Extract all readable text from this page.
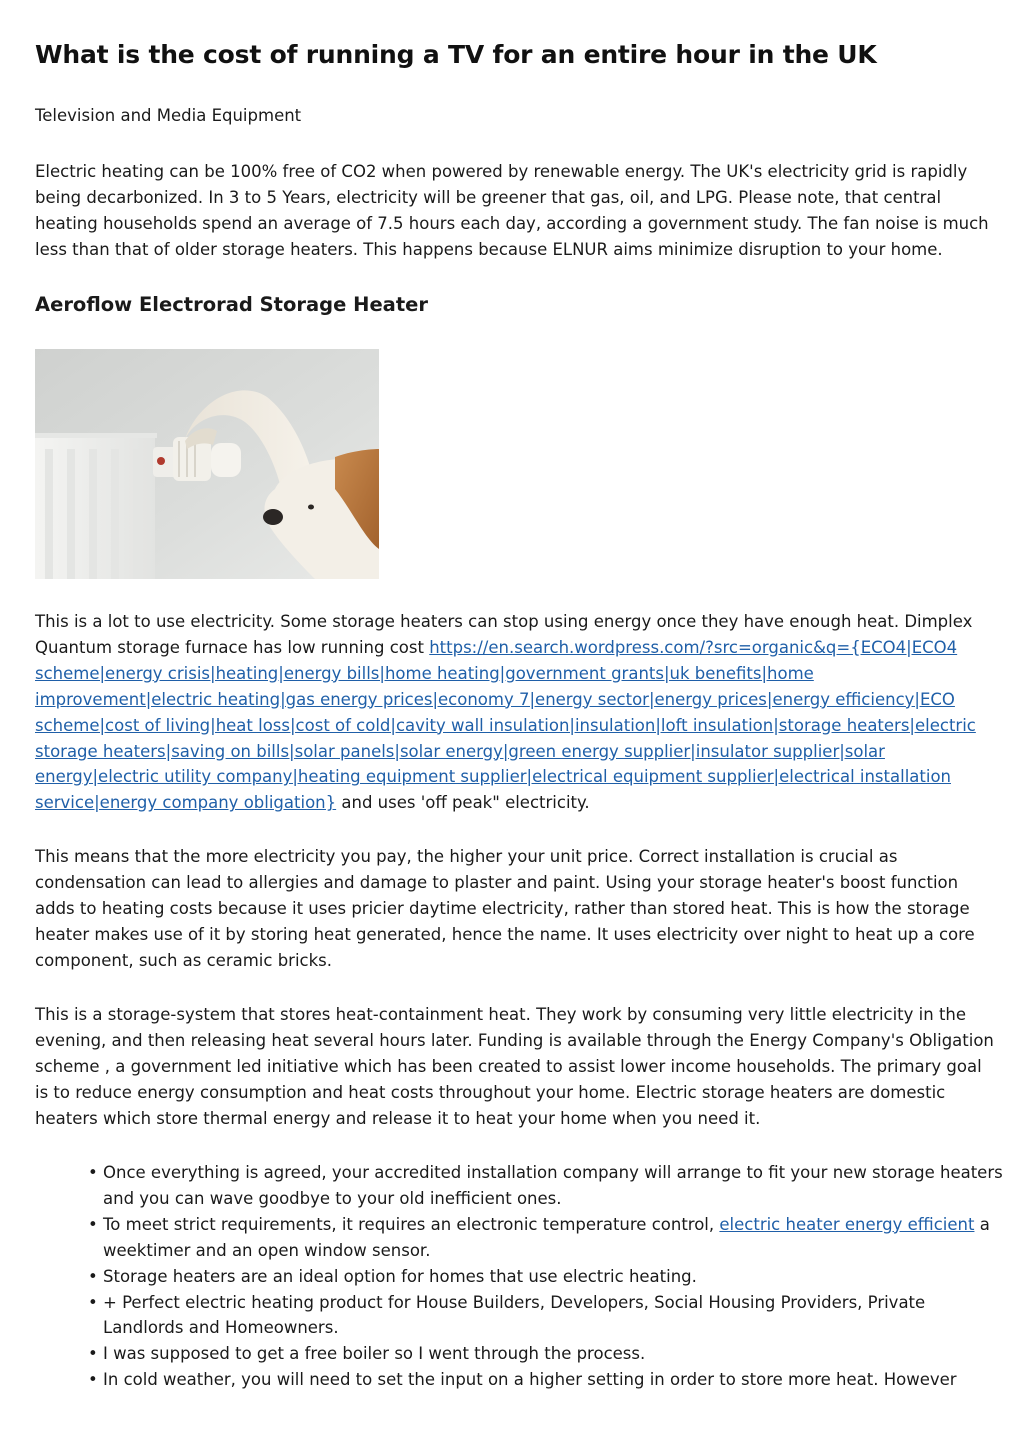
What is the cost of running a TV for an entire hour in the UK

Television and Media Equipment

Electric heating can be 100% free of CO2 when powered by renewable energy. The UK's electricity grid is rapidly being decarbonized. In 3 to 5 Years, electricity will be greener that gas, oil, and LPG. Please note, that central heating households spend an average of 7.5 hours each day, according a government study. The fan noise is much less than that of older storage heaters. This happens because ELNUR aims minimize disruption to your home.

Aeroflow Electrorad Storage Heater

This is a lot to use electricity. Some storage heaters can stop using energy once they have enough heat. Dimplex Quantum storage furnace has low running cost https://en.search.wordpress.com/?src=organic&q={ECO4|ECO4 scheme|energy crisis|heating|energy bills|home heating|government grants|uk benefits|home improvement|electric heating|gas energy prices|economy 7|energy sector|energy prices|energy efficiency|ECO scheme|cost of living|heat loss|cost of cold|cavity wall insulation|insulation|loft insulation|storage heaters|electric storage heaters|saving on bills|solar panels|solar energy|green energy supplier|insulator supplier|solar energy|electric utility company|heating equipment supplier|electrical equipment supplier|electrical installation service|energy company obligation} and uses 'off peak" electricity.

This means that the more electricity you pay, the higher your unit price. Correct installation is crucial as condensation can lead to allergies and damage to plaster and paint. Using your storage heater's boost function adds to heating costs because it uses pricier daytime electricity, rather than stored heat. This is how the storage heater makes use of it by storing heat generated, hence the name. It uses electricity over night to heat up a core component, such as ceramic bricks.

This is a storage-system that stores heat-containment heat. They work by consuming very little electricity in the evening, and then releasing heat several hours later. Funding is available through the Energy Company's Obligation scheme , a government led initiative which has been created to assist lower income households. The primary goal is to reduce energy consumption and heat costs throughout your home. Electric storage heaters are domestic heaters which store thermal energy and release it to heat your home when you need it.

• Once everything is agreed, your accredited installation company will arrange to fit your new storage heaters and you can wave goodbye to your old inefficient ones.
• To meet strict requirements, it requires an electronic temperature control, electric heater energy efficient a weektimer and an open window sensor.
• Storage heaters are an ideal option for homes that use electric heating.
• + Perfect electric heating product for House Builders, Developers, Social Housing Providers, Private Landlords and Homeowners.
• I was supposed to get a free boiler so I went through the process.
• In cold weather, you will need to set the input on a higher setting in order to store more heat. However
